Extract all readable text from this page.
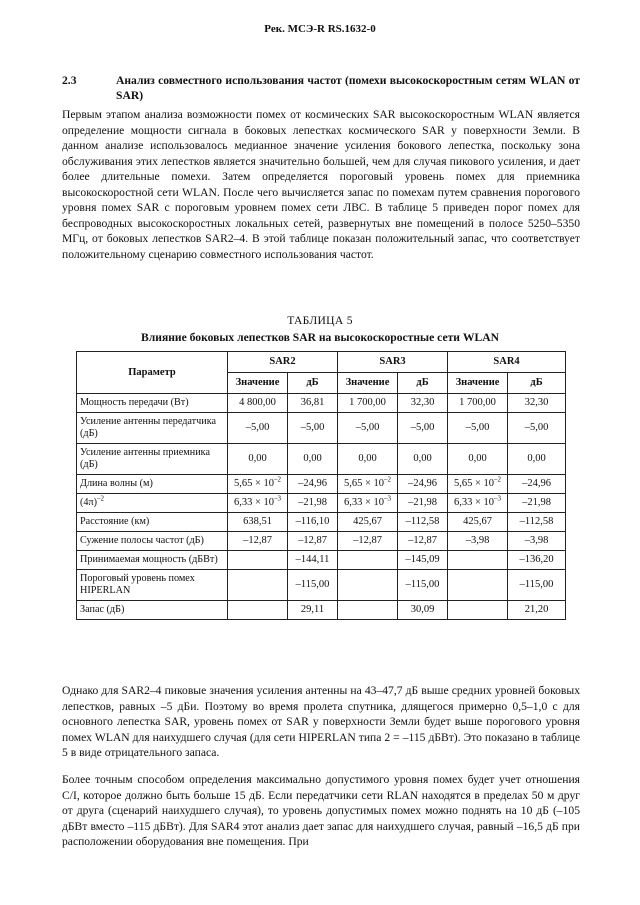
Рек. МСЭ-R RS.1632-0
2.3	Анализ совместного использования частот (помехи высокоскоростным сетям WLAN от SAR)

Первым этапом анализа возможности помех от космических SAR высокоскоростным WLAN является определение мощности сигнала в боковых лепестках космического SAR у поверхности Земли. В данном анализе использовалось медианное значение усиления бокового лепестка, поскольку зона обслуживания этих лепестков является значительно большей, чем для случая пикового усиления, и дает более длительные помехи. Затем определяется пороговый уровень помех для приемника высокоскоростной сети WLAN. После чего вычисляется запас по помехам путем сравнения порогового уровня помех SAR с пороговым уровнем помех сети ЛВС. В таблице 5 приведен порог помех для беспроводных высокоскоростных локальных сетей, развернутых вне помещений в полосе 5250–5350 МГц, от боковых лепестков SAR2–4. В этой таблице показан положительный запас, что соответствует положительному сценарию совместного использования частот.

ТАБЛИЦА 5
Влияние боковых лепестков SAR на высокоскоростные сети WLAN
Параметр	SAR2		SAR3		SAR4	
	Значение	дБ	Значение	дБ	Значение	дБ
Мощность передачи (Вт)	4 800,00	36,81	1 700,00	32,30	1 700,00	32,30
Усиление антенны передатчика (дБ)	–5,00	–5,00	–5,00	–5,00	–5,00	–5,00
Усиление антенны приемника (дБ)	0,00	0,00	0,00	0,00	0,00	0,00
Длина волны (м)	$5,65 \times 10^{-2}$	–24,96	$5,65 \times 10^{-2}$	–24,96	$5,65 \times 10^{-2}$	–24,96
$(4\pi)^{-2}$	$6,33 \times 10^{-3}$	–21,98	$6,33 \times 10^{-3}$	–21,98	$6,33 \times 10^{-3}$	–21,98
Расстояние (км)	638,51	–116,10	425,67	–112,58	425,67	–112,58
Сужение полосы частот (дБ)	–12,87	–12,87	–12,87	–12,87	–3,98	–3,98
Принимаемая мощность (дБВт)		–144,11		–145,09		–136,20
Пороговый уровень помех HIPERLAN		–115,00		–115,00		–115,00
Запас (дБ)		29,11		30,09		21,20

Однако для SAR2–4 пиковые значения усиления антенны на 43–47,7 дБ выше средних уровней боковых лепестков, равных –5 дБи. Поэтому во время пролета спутника, длящегося примерно 0,5–1,0 с для основного лепестка SAR, уровень помех от SAR у поверхности Земли будет выше порогового уровня помех WLAN для наихудшего случая (для сети HIPERLAN типа 2 = –115 дБВт). Это показано в таблице 5 в виде отрицательного запаса.

Более точным способом определения максимально допустимого уровня помех будет учет отношения C/I, которое должно быть больше 15 дБ. Если передатчики сети RLAN находятся в пределах 50 м друг от друга (сценарий наихудшего случая), то уровень допустимых помех можно поднять на 10 дБ (–105 дБВт вместо –115 дБВт). Для SAR4 этот анализ дает запас для наихудшего случая, равный –16,5 дБ при расположении оборудования вне помещения. При
